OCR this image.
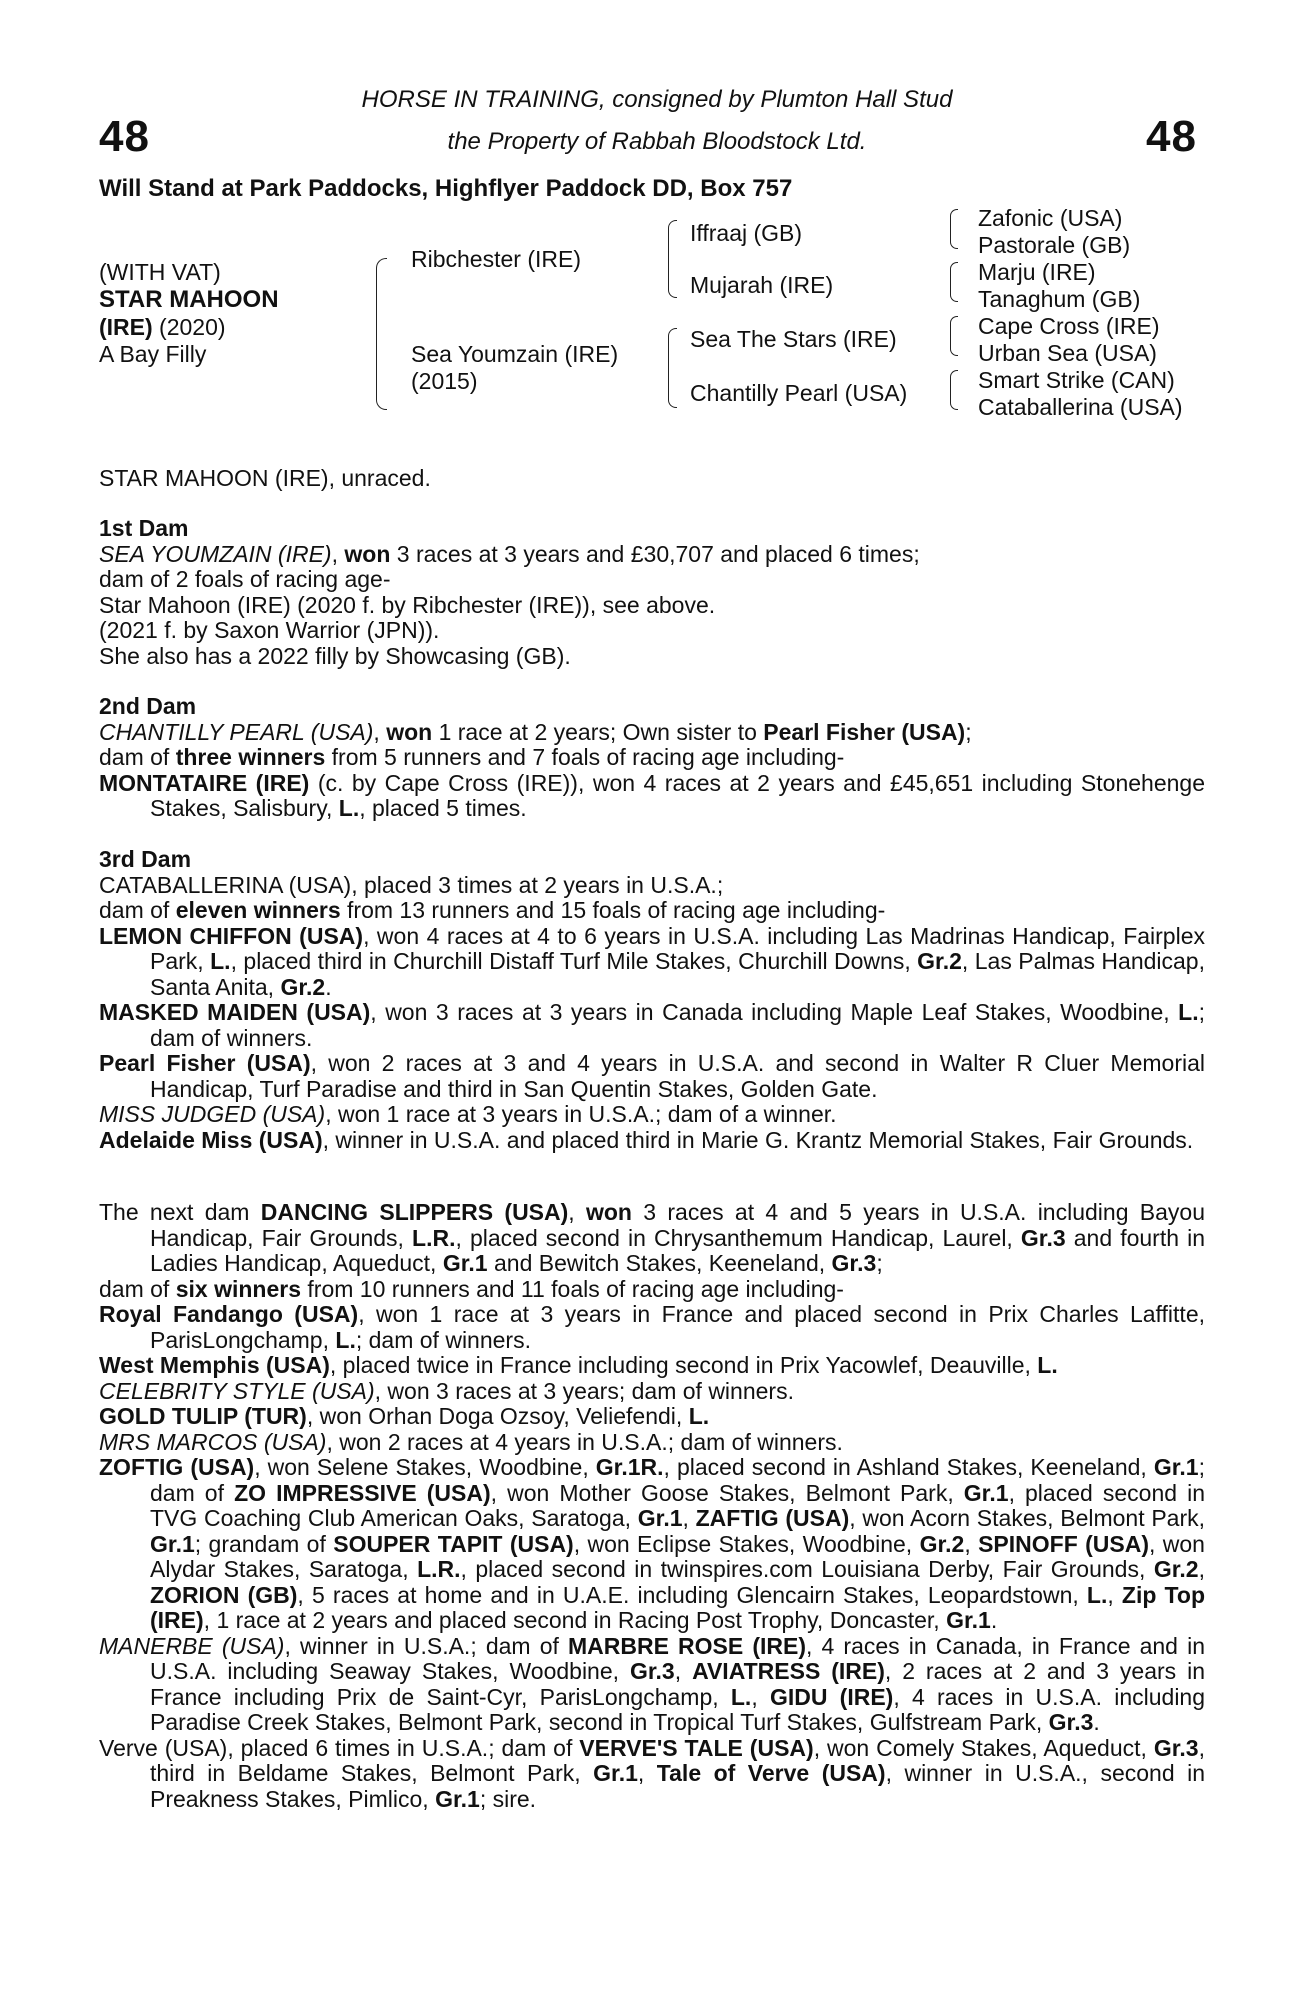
48	48
HORSE IN TRAINING, consigned by Plumton Hall Stud
the Property of Rabbah Bloodstock Ltd.
Will Stand at Park Paddocks, Highflyer Paddock DD, Box 757
(WITH VAT)
STAR MAHOON
(IRE) (2020)
A Bay Filly
Ribchester (IRE)
Sea Youmzain (IRE)
(2015)
Iffraaj (GB)
Mujarah (IRE)
Sea The Stars (IRE)
Chantilly Pearl (USA)
Zafonic (USA)
Pastorale (GB)
Marju (IRE)
Tanaghum (GB)
Cape Cross (IRE)
Urban Sea (USA)
Smart Strike (CAN)
Cataballerina (USA)
STAR MAHOON (IRE), unraced.

1st Dam

SEA YOUMZAIN (IRE), won 3 races at 3 years and £30,707 and placed 6 times;

dam of 2 foals of racing age-

Star Mahoon (IRE) (2020 f. by Ribchester (IRE)), see above.

(2021 f. by Saxon Warrior (JPN)).

She also has a 2022 filly by Showcasing (GB).

2nd Dam

CHANTILLY PEARL (USA), won 1 race at 2 years; Own sister to Pearl Fisher (USA);

dam of three winners from 5 runners and 7 foals of racing age including-

MONTATAIRE (IRE) (c. by Cape Cross (IRE)), won 4 races at 2 years and £45,651 including Stonehenge Stakes, Salisbury, L., placed 5 times.

3rd Dam

CATABALLERINA (USA), placed 3 times at 2 years in U.S.A.;

dam of eleven winners from 13 runners and 15 foals of racing age including-

LEMON CHIFFON (USA), won 4 races at 4 to 6 years in U.S.A. including Las Madrinas Handicap, Fairplex Park, L., placed third in Churchill Distaff Turf Mile Stakes, Churchill Downs, Gr.2, Las Palmas Handicap, Santa Anita, Gr.2.

MASKED MAIDEN (USA), won 3 races at 3 years in Canada including Maple Leaf Stakes, Woodbine, L.; dam of winners.

Pearl Fisher (USA), won 2 races at 3 and 4 years in U.S.A. and second in Walter R Cluer Memorial Handicap, Turf Paradise and third in San Quentin Stakes, Golden Gate.

MISS JUDGED (USA), won 1 race at 3 years in U.S.A.; dam of a winner.

Adelaide Miss (USA), winner in U.S.A. and placed third in Marie G. Krantz Memorial Stakes, Fair Grounds.

The next dam DANCING SLIPPERS (USA), won 3 races at 4 and 5 years in U.S.A. including Bayou Handicap, Fair Grounds, L.R., placed second in Chrysanthemum Handicap, Laurel, Gr.3 and fourth in Ladies Handicap, Aqueduct, Gr.1 and Bewitch Stakes, Keeneland, Gr.3;

dam of six winners from 10 runners and 11 foals of racing age including-

Royal Fandango (USA), won 1 race at 3 years in France and placed second in Prix Charles Laffitte, ParisLongchamp, L.; dam of winners.

West Memphis (USA), placed twice in France including second in Prix Yacowlef, Deauville, L.

CELEBRITY STYLE (USA), won 3 races at 3 years; dam of winners.

GOLD TULIP (TUR), won Orhan Doga Ozsoy, Veliefendi, L.

MRS MARCOS (USA), won 2 races at 4 years in U.S.A.; dam of winners.

ZOFTIG (USA), won Selene Stakes, Woodbine, Gr.1R., placed second in Ashland Stakes, Keeneland, Gr.1; dam of ZO IMPRESSIVE (USA), won Mother Goose Stakes, Belmont Park, Gr.1, placed second in TVG Coaching Club American Oaks, Saratoga, Gr.1, ZAFTIG (USA), won Acorn Stakes, Belmont Park, Gr.1; grandam of SOUPER TAPIT (USA), won Eclipse Stakes, Woodbine, Gr.2, SPINOFF (USA), won Alydar Stakes, Saratoga, L.R., placed second in twinspires.com Louisiana Derby, Fair Grounds, Gr.2, ZORION (GB), 5 races at home and in U.A.E. including Glencairn Stakes, Leopardstown, L., Zip Top (IRE), 1 race at 2 years and placed second in Racing Post Trophy, Doncaster, Gr.1.

MANERBE (USA), winner in U.S.A.; dam of MARBRE ROSE (IRE), 4 races in Canada, in France and in U.S.A. including Seaway Stakes, Woodbine, Gr.3, AVIATRESS (IRE), 2 races at 2 and 3 years in France including Prix de Saint-Cyr, ParisLongchamp, L., GIDU (IRE), 4 races in U.S.A. including Paradise Creek Stakes, Belmont Park, second in Tropical Turf Stakes, Gulfstream Park, Gr.3.

Verve (USA), placed 6 times in U.S.A.; dam of VERVE'S TALE (USA), won Comely Stakes, Aqueduct, Gr.3, third in Beldame Stakes, Belmont Park, Gr.1, Tale of Verve (USA), winner in U.S.A., second in Preakness Stakes, Pimlico, Gr.1; sire.
